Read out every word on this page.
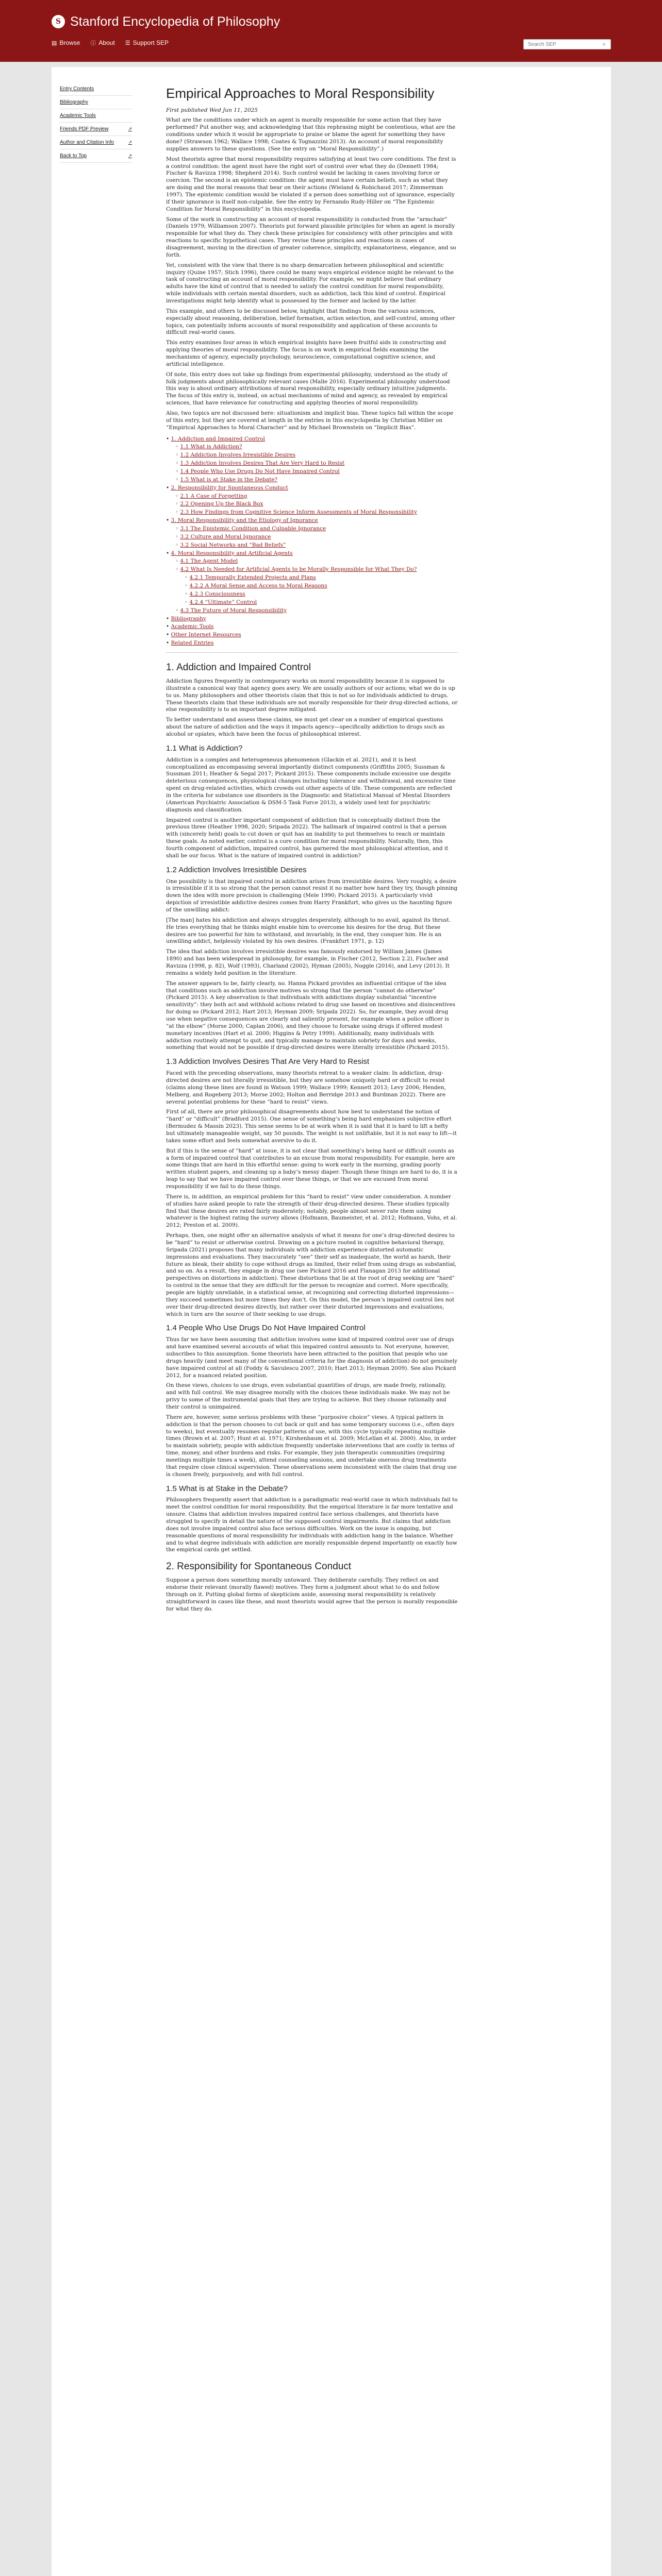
S Stanford Encyclopedia of Philosophy
▤ Browse ⓘ About ☰ Support SEP
Search SEP	⌕
Entry Contents
Bibliography
Academic Tools
Friends PDF Preview	↗
Author and Citation Info	↗
Back to Top	↗
Empirical Approaches to Moral Responsibility

First published Wed Jun 11, 2025

What are the conditions under which an agent is morally responsible for some action that they have performed? Put another way, and acknowledging that this rephrasing might be contentious, what are the conditions under which it would be appropriate to praise or blame the agent for something they have done? (Strawson 1962; Wallace 1998; Coates & Tognazzini 2013). An account of moral responsibility supplies answers to these questions. (See the entry on “Moral Responsibility”.)

Most theorists agree that moral responsibility requires satisfying at least two core conditions. The first is a control condition: the agent must have the right sort of control over what they do (Dennett 1984; Fischer & Ravizza 1998; Shepherd 2014). Such control would be lacking in cases involving force or coercion. The second is an epistemic condition: the agent must have certain beliefs, such as what they are doing and the moral reasons that bear on their actions (Wieland & Robichaud 2017; Zimmerman 1997). The epistemic condition would be violated if a person does something out of ignorance, especially if their ignorance is itself non-culpable. See the entry by Fernando Rudy-Hiller on “The Epistemic Condition for Moral Responsibility” in this encyclopedia.

Some of the work in constructing an account of moral responsibility is conducted from the “armchair” (Daniels 1979; Williamson 2007). Theorists put forward plausible principles for when an agent is morally responsible for what they do. They check these principles for consistency with other principles and with reactions to specific hypothetical cases. They revise these principles and reactions in cases of disagreement, moving in the direction of greater coherence, simplicity, explanatoriness, elegance, and so forth.

Yet, consistent with the view that there is no sharp demarcation between philosophical and scientific inquiry (Quine 1957; Stich 1996), there could be many ways empirical evidence might be relevant to the task of constructing an account of moral responsibility. For example, we might believe that ordinary adults have the kind of control that is needed to satisfy the control condition for moral responsibility, while individuals with certain mental disorders, such as addiction, lack this kind of control. Empirical investigations might help identify what is possessed by the former and lacked by the latter.

This example, and others to be discussed below, highlight that findings from the various sciences, especially about reasoning, deliberation, belief formation, action selection, and self-control, among other topics, can potentially inform accounts of moral responsibility and application of these accounts to difficult real-world cases.

This entry examines four areas in which empirical insights have been fruitful aids in constructing and applying theories of moral responsibility. The focus is on work in empirical fields examining the mechanisms of agency, especially psychology, neuroscience, computational cognitive science, and artificial intelligence.

Of note, this entry does not take up findings from experimental philosophy, understood as the study of folk judgments about philosophically relevant cases (Malle 2016). Experimental philosophy understood this way is about ordinary attributions of moral responsibility, especially ordinary intuitive judgments. The focus of this entry is, instead, on actual mechanisms of mind and agency, as revealed by empirical sciences, that have relevance for constructing and applying theories of moral responsibility.

Also, two topics are not discussed here: situationism and implicit bias. These topics fall within the scope of this entry, but they are covered at length in the entries in this encyclopedia by Christian Miller on “Empirical Approaches to Moral Character” and by Michael Brownstein on “Implicit Bias”.

• 1. Addiction and Impaired Control
◦ 1.1 What is Addiction?
◦ 1.2 Addiction Involves Irresistible Desires
◦ 1.3 Addiction Involves Desires That Are Very Hard to Resist
◦ 1.4 People Who Use Drugs Do Not Have Impaired Control
◦ 1.5 What is at Stake in the Debate?
• 2. Responsibility for Spontaneous Conduct
◦ 2.1 A Case of Forgetting
◦ 2.2 Opening Up the Black Box
◦ 2.3 How Findings from Cognitive Science Inform Assessments of Moral Responsibility
• 3. Moral Responsibility and the Etiology of Ignorance
◦ 3.1 The Epistemic Condition and Culpable Ignorance
◦ 3.2 Culture and Moral Ignorance
◦ 3.2 Social Networks and “Bad Beliefs”
• 4. Moral Responsibility and Artificial Agents
◦ 4.1 The Agent Model
◦ 4.2 What Is Needed for Artificial Agents to be Morally Responsible for What They Do?
◦ 4.2.1 Temporally Extended Projects and Plans
◦ 4.2.2 A Moral Sense and Access to Moral Reasons
◦ 4.2.3 Consciousness
◦ 4.2.4 “Ultimate” Control
◦ 4.3 The Future of Moral Responsibility
• Bibliography
• Academic Tools
• Other Internet Resources
• Related Entries
1. Addiction and Impaired Control

Addiction figures frequently in contemporary works on moral responsibility because it is supposed to illustrate a canonical way that agency goes awry. We are usually authors of our actions; what we do is up to us. Many philosophers and other theorists claim that this is not so for individuals addicted to drugs. These theorists claim that these individuals are not morally responsible for their drug-directed actions, or else responsibility is to an important degree mitigated.

To better understand and assess these claims, we must get clear on a number of empirical questions about the nature of addiction and the ways it impacts agency—specifically addiction to drugs such as alcohol or opiates, which have been the focus of philosophical interest.

1.1 What is Addiction?

Addiction is a complex and heterogeneous phenomenon (Glackin et al. 2021), and it is best conceptualized as encompassing several importantly distinct components (Griffiths 2005; Sussman & Sussman 2011; Heather & Segal 2017; Pickard 2015). These components include excessive use despite deleterious consequences, physiological changes including tolerance and withdrawal, and excessive time spent on drug-related activities, which crowds out other aspects of life. These components are reflected in the criteria for substance use disorders in the Diagnostic and Statistical Manual of Mental Disorders (American Psychiatric Association & DSM-5 Task Force 2013), a widely used text for psychiatric diagnosis and classification.

Impaired control is another important component of addiction that is conceptually distinct from the previous three (Heather 1998, 2020; Sripada 2022). The hallmark of impaired control is that a person with (sincerely held) goals to cut down or quit has an inability to put themselves to reach or maintain these goals. As noted earlier, control is a core condition for moral responsibility. Naturally, then, this fourth component of addiction, impaired control, has garnered the most philosophical attention, and it shall be our focus. What is the nature of impaired control in addiction?

1.2 Addiction Involves Irresistible Desires

One possibility is that impaired control in addiction arises from irresistible desires. Very roughly, a desire is irresistible if it is so strong that the person cannot resist it no matter how hard they try, though pinning down the idea with more precision is challenging (Mele 1990; Pickard 2015). A particularly vivid depiction of irresistible addictive desires comes from Harry Frankfurt, who gives us the haunting figure of the unwilling addict:

[The man] hates his addiction and always struggles desperately, although to no avail, against its thrust. He tries everything that he thinks might enable him to overcome his desires for the drug. But these desires are too powerful for him to withstand, and invariably, in the end, they conquer him. He is an unwilling addict, helplessly violated by his own desires. (Frankfurt 1971, p. 12)

The idea that addiction involves irresistible desires was famously endorsed by William James (James 1890) and has been widespread in philosophy, for example, in Fischer (2012, Section 2.2), Fischer and Ravizza (1998, p. 82), Wolf (1993), Charland (2002), Hyman (2005), Noggle (2016), and Levy (2013). It remains a widely held position in the literature.

The answer appears to be, fairly clearly, no. Hanna Pickard provides an influential critique of the idea that conditions such as addiction involve motives so strong that the person “cannot do otherwise” (Pickard 2015). A key observation is that individuals with addictions display substantial “incentive sensitivity”: they both act and withhold actions related to drug use based on incentives and disincentives for doing so (Pickard 2012; Hart 2013; Heyman 2009; Sripada 2022). So, for example, they avoid drug use when negative consequences are clearly and saliently present, for example when a police officer is “at the elbow” (Morse 2000; Caplan 2006), and they choose to forsake using drugs if offered modest monetary incentives (Hart et al. 2000; Higgins & Petry 1999). Additionally, many individuals with addiction routinely attempt to quit, and typically manage to maintain sobriety for days and weeks, something that would not be possible if drug-directed desires were literally irresistible (Pickard 2015).

1.3 Addiction Involves Desires That Are Very Hard to Resist

Faced with the preceding observations, many theorists retreat to a weaker claim: In addiction, drug-directed desires are not literally irresistible, but they are somehow uniquely hard or difficult to resist (claims along these lines are found in Watson 1999; Wallace 1999; Kennett 2013; Levy 2006; Henden, Melberg, and Rogeberg 2013; Morse 2002; Holton and Berridge 2013 and Burdman 2022). There are several potential problems for these “hard to resist” views.

First of all, there are prior philosophical disagreements about how best to understand the notion of “hard” or “difficult” (Bradford 2015). One sense of something’s being hard emphasizes subjective effort (Bermudez & Massin 2023). This sense seems to be at work when it is said that it is hard to lift a hefty but ultimately manageable weight, say 50 pounds. The weight is not unliftable, but it is not easy to lift—it takes some effort and feels somewhat aversive to do it.

But if this is the sense of “hard” at issue, it is not clear that something’s being hard or difficult counts as a form of impaired control that contributes to an excuse from moral responsibility. For example, here are some things that are hard in this effortful sense: going to work early in the morning, grading poorly written student papers, and cleaning up a baby’s messy diaper. Though these things are hard to do, it is a leap to say that we have impaired control over these things, or that we are excused from moral responsibility if we fail to do these things.

There is, in addition, an empirical problem for this “hard to resist” view under consideration. A number of studies have asked people to rate the strength of their drug-directed desires. These studies typically find that these desires are rated fairly moderately; notably, people almost never rate them using whatever is the highest rating the survey allows (Hofmann, Baumeister, et al. 2012; Hofmann, Vohs, et al. 2012; Preston et al. 2009).

Perhaps, then, one might offer an alternative analysis of what it means for one’s drug-directed desires to be “hard” to resist or otherwise control. Drawing on a picture rooted in cognitive behavioral therapy, Sripada (2021) proposes that many individuals with addiction experience distorted automatic impressions and evaluations. They inaccurately “see” their self as inadequate, the world as harsh, their future as bleak, their ability to cope without drugs as limited, their relief from using drugs as substantial, and so on. As a result, they engage in drug use (see Pickard 2016 and Flanagan 2013 for additional perspectives on distortions in addiction). These distortions that lie at the root of drug seeking are “hard” to control in the sense that they are difficult for the person to recognize and correct. More specifically, people are highly unreliable, in a statistical sense, at recognizing and correcting distorted impressions—they succeed sometimes but more times they don’t. On this model, the person’s impaired control lies not over their drug-directed desires directly, but rather over their distorted impressions and evaluations, which in turn are the source of their seeking to use drugs.

1.4 People Who Use Drugs Do Not Have Impaired Control

Thus far we have been assuming that addiction involves some kind of impaired control over use of drugs and have examined several accounts of what this impaired control amounts to. Not everyone, however, subscribes to this assumption. Some theorists have been attracted to the position that people who use drugs heavily (and meet many of the conventional criteria for the diagnosis of addiction) do not genuinely have impaired control at all (Foddy & Savulescu 2007, 2010; Hart 2013; Heyman 2009). See also Pickard 2012, for a nuanced related position.

On these views, choices to use drugs, even substantial quantities of drugs, are made freely, rationally, and with full control. We may disagree morally with the choices these individuals make. We may not be privy to some of the instrumental goals that they are trying to achieve. But they choose rationally and their control is unimpaired.

There are, however, some serious problems with these “purposive choice” views. A typical pattern in addiction is that the person chooses to cut back or quit and has some temporary success (i.e., often days to weeks), but eventually resumes regular patterns of use, with this cycle typically repeating multiple times (Brown et al. 2007; Hunt et al. 1971; Kirshenbaum et al. 2009; McLellan et al. 2000). Also, in order to maintain sobriety, people with addiction frequently undertake interventions that are costly in terms of time, money, and other burdens and risks. For example, they join therapeutic communities (requiring meetings multiple times a week), attend counseling sessions, and undertake onerous drug treatments that require close clinical supervision. These observations seem inconsistent with the claim that drug use is chosen freely, purposively, and with full control.

1.5 What is at Stake in the Debate?

Philosophers frequently assert that addiction is a paradigmatic real-world case in which individuals fail to meet the control condition for moral responsibility. But the empirical literature is far more tentative and unsure. Claims that addiction involves impaired control face serious challenges, and theorists have struggled to specify in detail the nature of the supposed control impairments. But claims that addiction does not involve impaired control also face serious difficulties. Work on the issue is ongoing, but reasonable questions of moral responsibility for individuals with addiction hang in the balance. Whether and to what degree individuals with addiction are morally responsible depend importantly on exactly how the empirical cards get settled.

2. Responsibility for Spontaneous Conduct

Suppose a person does something morally untoward. They deliberate carefully. They reflect on and endorse their relevant (morally flawed) motives. They form a judgment about what to do and follow through on it. Putting global forms of skepticism aside, assessing moral responsibility is relatively straightforward in cases like these, and most theorists would agree that the person is morally responsible for what they do.
